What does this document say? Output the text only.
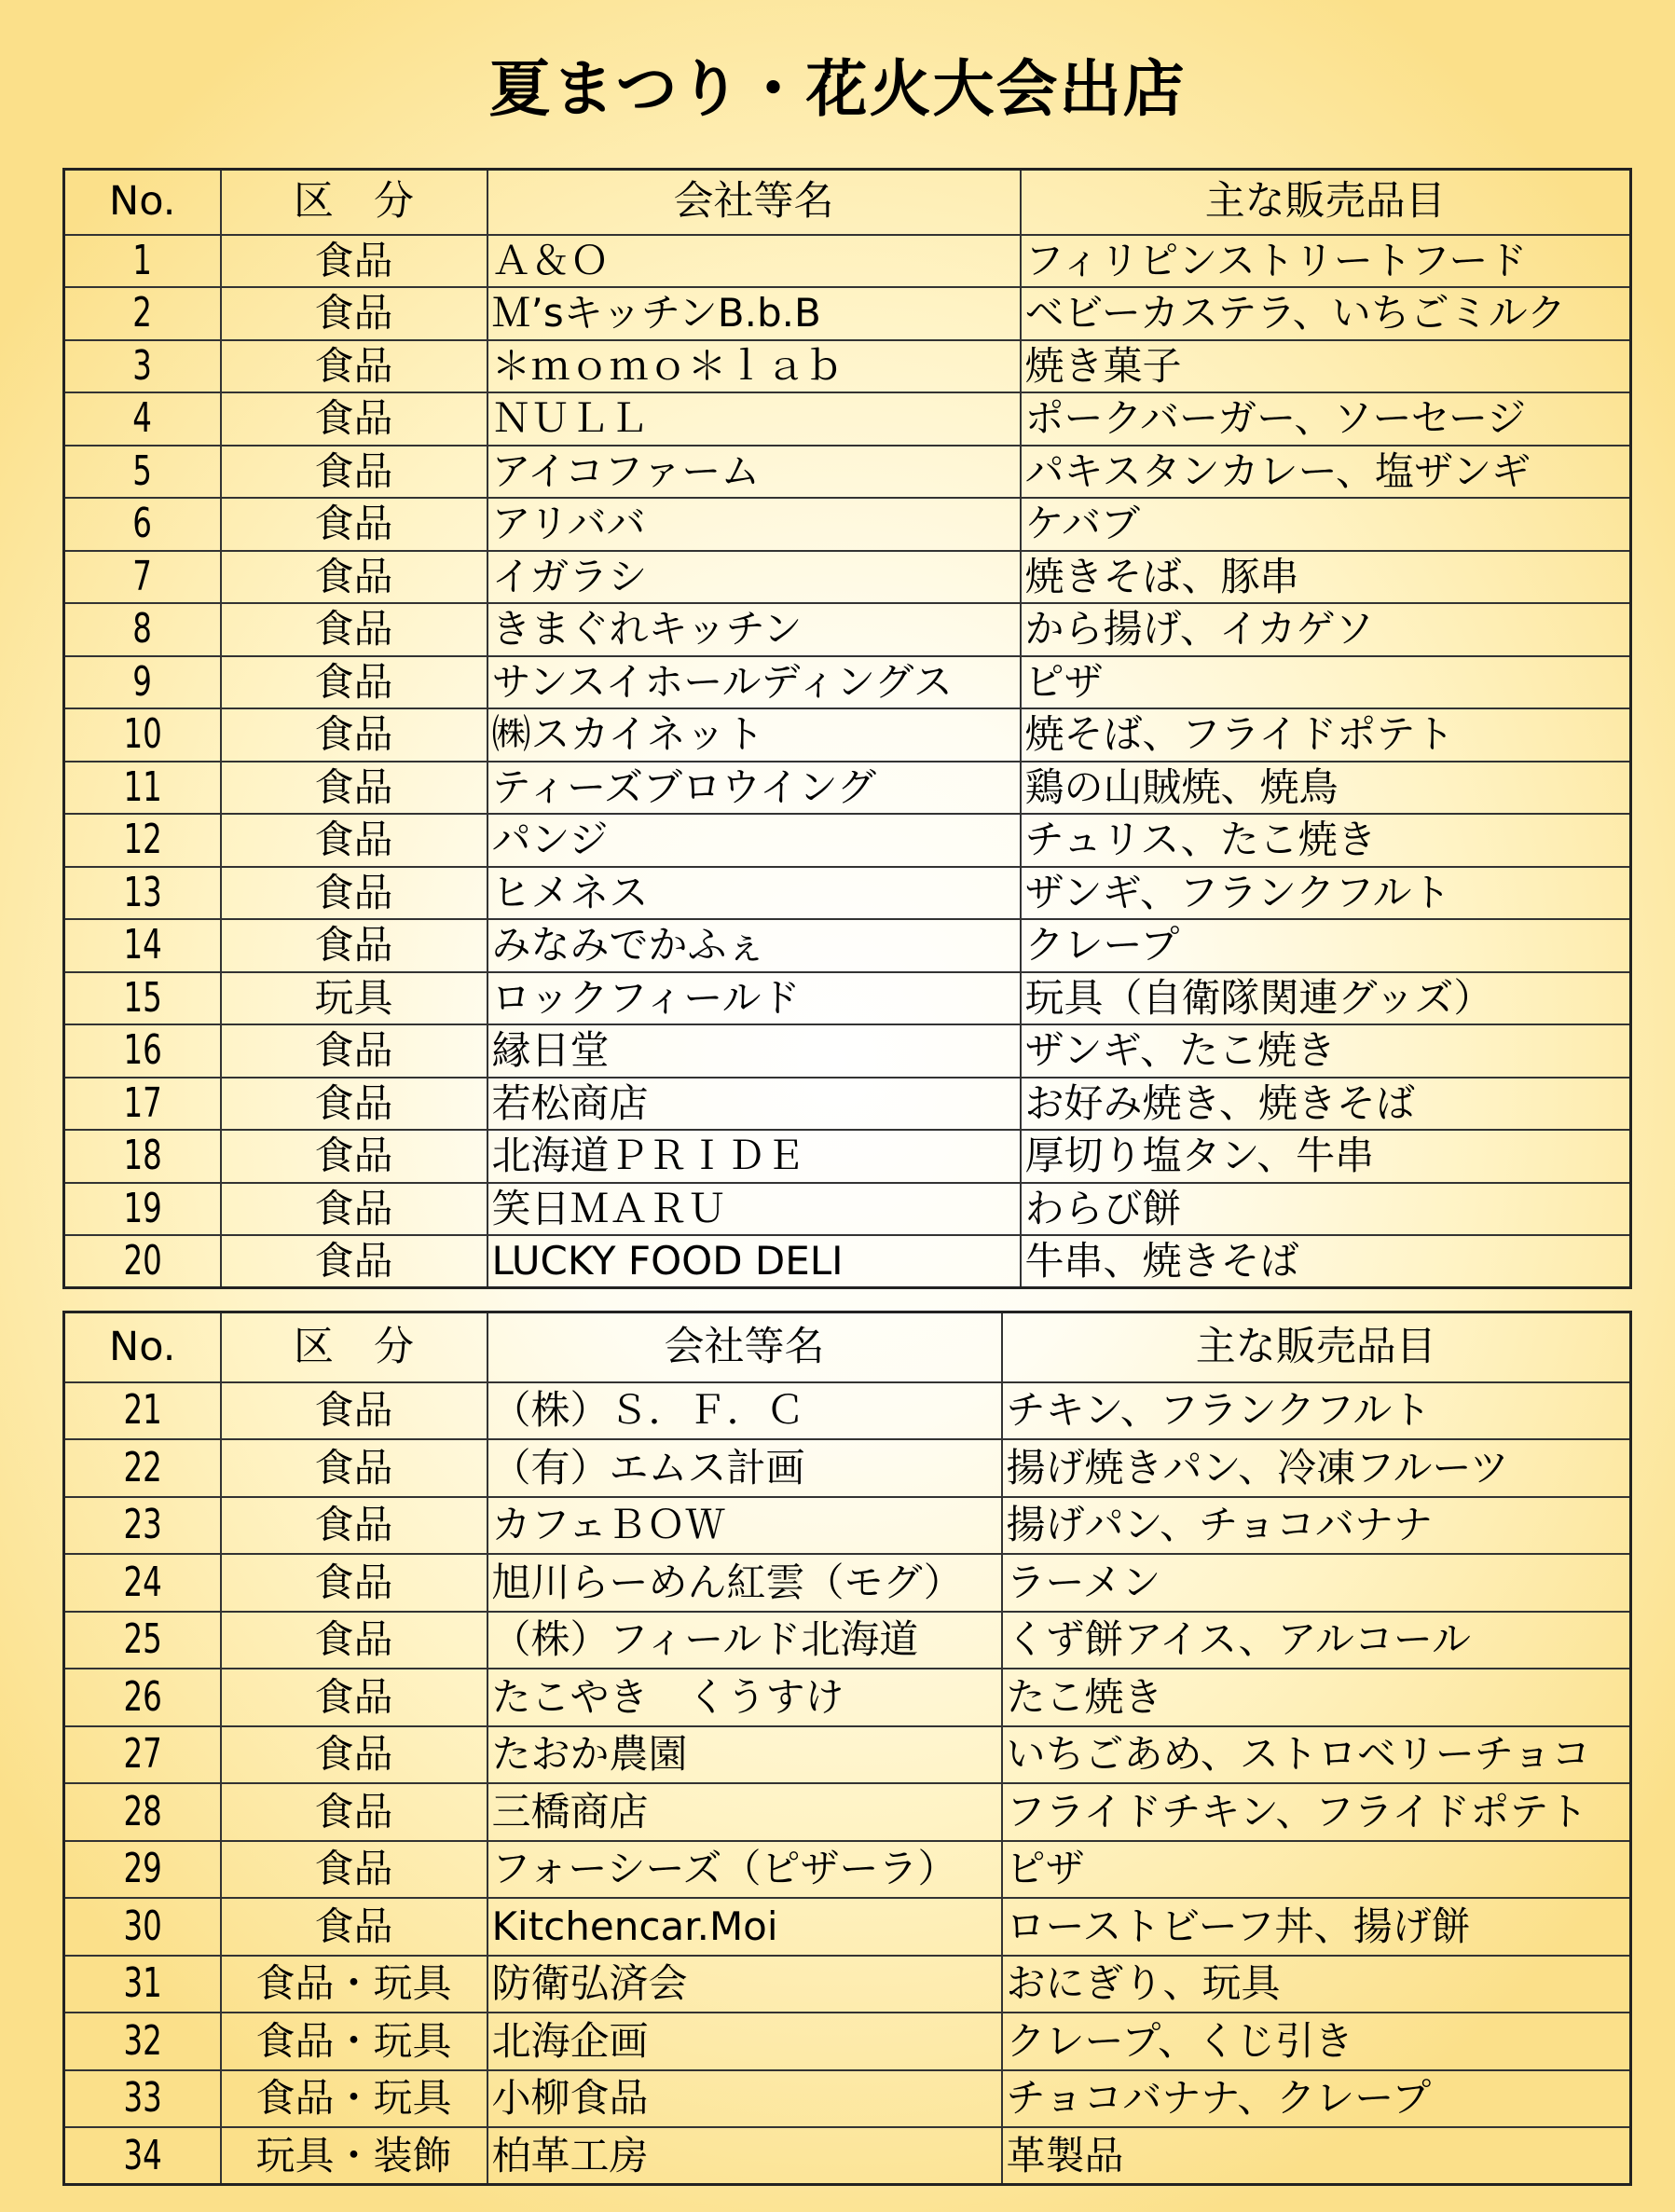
夏まつり・花火大会出店
No.	区　分	会社等名	主な販売品目
1	食品	Ａ＆Ｏ	フィリピンストリートフード
2	食品	Ｍ’sキッチンB.b.B	ベビーカステラ、いちごミルク
3	食品	＊ｍｏｍｏ＊ｌａｂ	焼き菓子
4	食品	ＮＵＬＬ	ポークバーガー、ソーセージ
5	食品	アイコファーム	パキスタンカレー、塩ザンギ
6	食品	アリババ	ケバブ
7	食品	イガラシ	焼きそば、豚串
8	食品	きまぐれキッチン	から揚げ、イカゲソ
9	食品	サンスイホールディングス	ピザ
10	食品	㈱スカイネット	焼そば、フライドポテト
11	食品	ティーズブロウイング	鶏の山賊焼、焼鳥
12	食品	パンジ	チュリス、たこ焼き
13	食品	ヒメネス	ザンギ、フランクフルト
14	食品	みなみでかふぇ	クレープ
15	玩具	ロックフィールド	玩具（自衛隊関連グッズ）
16	食品	縁日堂	ザンギ、たこ焼き
17	食品	若松商店	お好み焼き、焼きそば
18	食品	北海道ＰＲＩＤＥ	厚切り塩タン、牛串
19	食品	笑日ＭＡＲＵ	わらび餅
20	食品	LUCKY FOOD DELI	牛串、焼きそば
No.	区　分	会社等名	主な販売品目
21	食品	（株）Ｓ．Ｆ．Ｃ	チキン、フランクフルト
22	食品	（有）エムス計画	揚げ焼きパン、冷凍フルーツ
23	食品	カフェＢＯＷ	揚げパン、チョコバナナ
24	食品	旭川らーめん紅雲（モグ）	ラーメン
25	食品	（株）フィールド北海道	くず餅アイス、アルコール
26	食品	たこやき　くうすけ	たこ焼き
27	食品	たおか農園	いちごあめ、ストロベリーチョコ
28	食品	三橋商店	フライドチキン、フライドポテト
29	食品	フォーシーズ（ピザーラ）	ピザ
30	食品	Kitchencar.Moi	ローストビーフ丼、揚げ餅
31	食品・玩具	防衛弘済会	おにぎり、玩具
32	食品・玩具	北海企画	クレープ、くじ引き
33	食品・玩具	小柳食品	チョコバナナ、クレープ
34	玩具・装飾	柏革工房	革製品
